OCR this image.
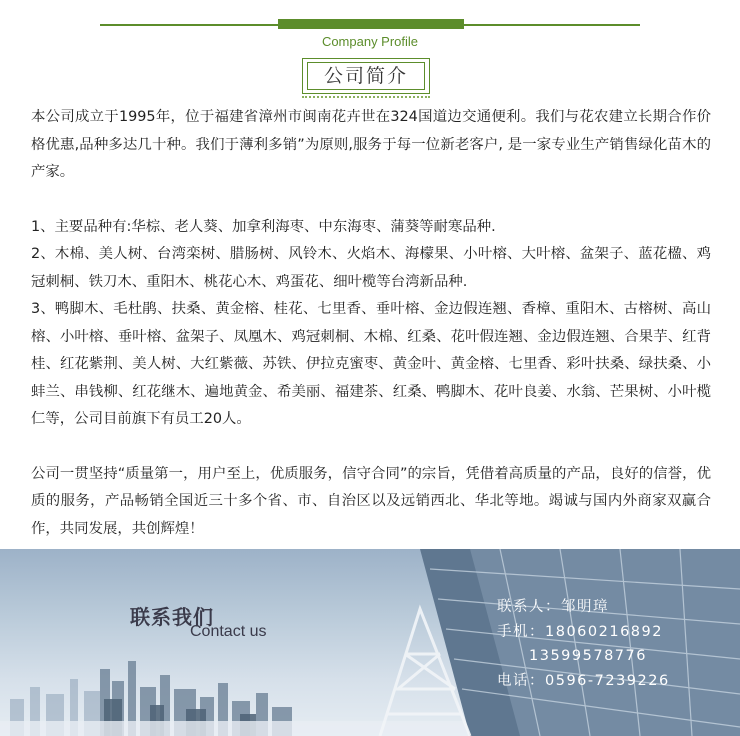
Company Profile
公司简介

本公司成立于1995年，位于福建省漳州市闽南花卉世在324国道边交通便利。我们与花农建立长期合作价格优惠,品种多达几十种。我们于薄利多销”为原则,服务于每一位新老客户, 是一家专业生产销售绿化苗木的产家。

1、主要品种有:华棕、老人葵、加拿利海枣、中东海枣、蒲葵等耐寒品种.

2、木棉、美人树、台湾栾树、腊肠树、风铃木、火焰木、海檬果、小叶榕、大叶榕、盆架子、蓝花楹、鸡冠刺桐、铁刀木、重阳木、桃花心木、鸡蛋花、细叶榄等台湾新品种.

3、鸭脚木、毛杜鹃、扶桑、黄金榕、桂花、七里香、垂叶榕、金边假连翘、香樟、重阳木、古榕树、高山榕、小叶榕、垂叶榕、盆架子、凤凰木、鸡冠刺桐、木棉、红桑、花叶假连翘、金边假连翘、合果芋、红背桂、红花紫荆、美人树、大红紫薇、苏铁、伊拉克蜜枣、黄金叶、黄金榕、七里香、彩叶扶桑、绿扶桑、小蚌兰、串钱柳、红花继木、遍地黄金、希美丽、福建茶、红桑、鸭脚木、花叶良姜、水翁、芒果树、小叶榄仁等，公司目前旗下有员工20人。

公司一贯坚持“质量第一，用户至上，优质服务，信守合同”的宗旨，凭借着高质量的产品，良好的信誉，优质的服务，产品畅销全国近三十多个省、市、自治区以及远销西北、华北等地。竭诚与国内外商家双赢合作，共同发展，共创辉煌！

联系我们
Contact us
联系人：邹明璋
手机：18060216892
13599578776
电话：0596-7239226
